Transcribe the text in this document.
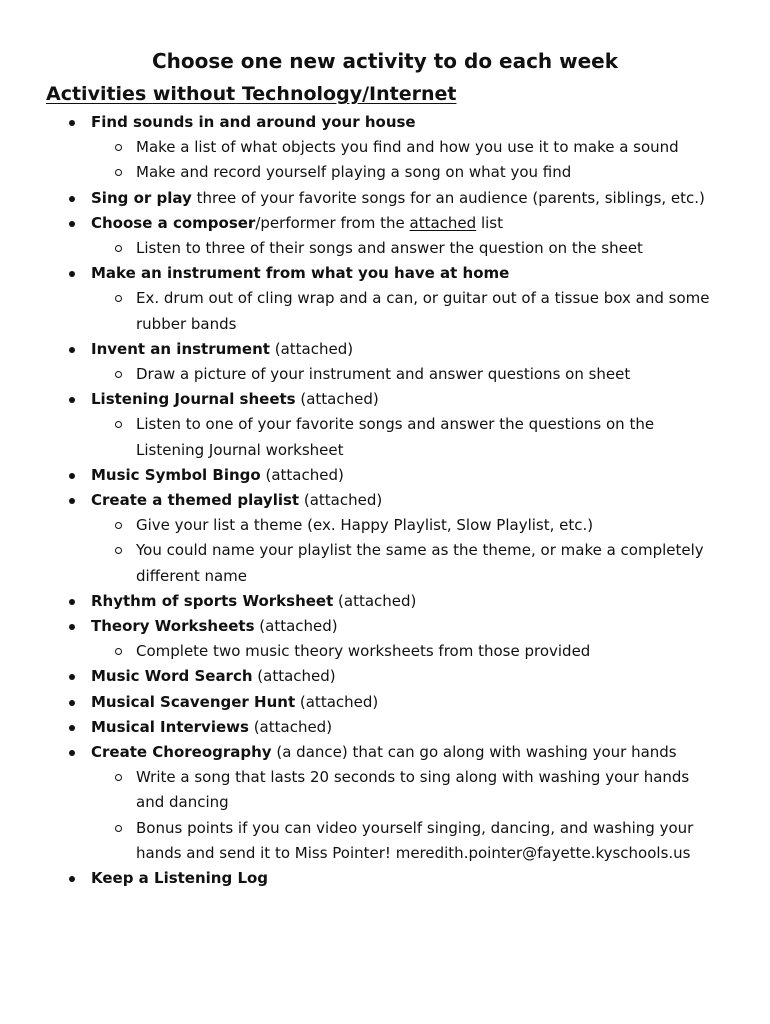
Choose one new activity to do each week
Activities without Technology/Internet
Find sounds in and around your house
Make a list of what objects you find and how you use it to make a sound
Make and record yourself playing a song on what you find
Sing or play three of your favorite songs for an audience (parents, siblings, etc.)
Choose a composer/performer from the attached list
Listen to three of their songs and answer the question on the sheet
Make an instrument from what you have at home
Ex. drum out of cling wrap and a can, or guitar out of a tissue box and some rubber bands
Invent an instrument (attached)
Draw a picture of your instrument and answer questions on sheet
Listening Journal sheets (attached)
Listen to one of your favorite songs and answer the questions on the Listening Journal worksheet
Music Symbol Bingo (attached)
Create a themed playlist (attached)
Give your list a theme (ex. Happy Playlist, Slow Playlist, etc.)
You could name your playlist the same as the theme, or make a completely different name
Rhythm of sports Worksheet (attached)
Theory Worksheets (attached)
Complete two music theory worksheets from those provided
Music Word Search (attached)
Musical Scavenger Hunt (attached)
Musical Interviews (attached)
Create Choreography (a dance) that can go along with washing your hands
Write a song that lasts 20 seconds to sing along with washing your hands and dancing
Bonus points if you can video yourself singing, dancing, and washing your hands and send it to Miss Pointer! meredith.pointer@fayette.kyschools.us
Keep a Listening Log
